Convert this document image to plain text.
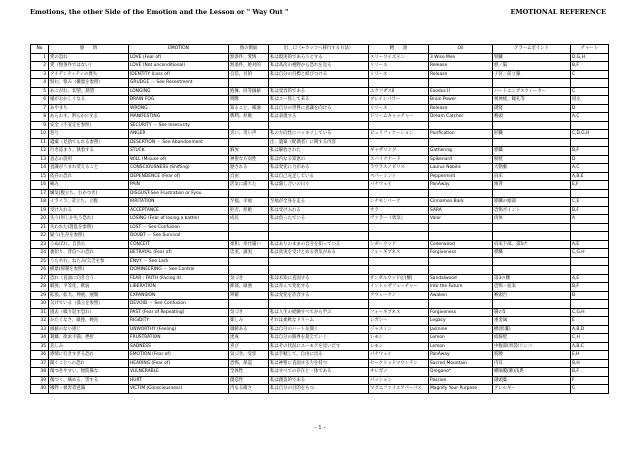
Emotions, the other Side of the Emotion and the Lesson or " Way Out "	EMOTIONAL REFERENCE
No	感　　情	EMOTION	他の側面	出　口（←カッコへ移行する方法）	精　　油	Oil	アラームポイント	チャート
1	愛の恐れ	LOVE (Fear of)	無条件、愛情	私は現実的であろうとする	スリーワイズメン	3 Wise Men	腎臓	D,G,H
2	愛（無条件ではない）	LOVE (Not unconditional)	無条件、絶対的	私は高次の視野から恐れを見る	リリース	Release	胆／脳	B,F
3	アイデンティティの喪失	IDENTITY (Loss of)	自信、目的	私は自分の目標と結びつける	リリース	Release	子宮／前立腺	C
4	恨む、恨み（嫌悪を参照）	GRUDGE － See Resentment						
5	あこがれ、切望、熱望	LONGING	抱擁、同等価値	私は受容的である	エクソダスⅡ	Exodus II	ハートエンブスクィーター	C
6	頭がおかしくなる	BRAIN FOG	明瞭	私はユー焦して来る	ブレインパワー	Brain Power	視神経、瞳孔等	同左
7	あやまち	WRONG	知ること、確通	私は自分の世界に意識を向ける	リリース	Release	副腎	D
8	あらわす、明らかにする	MANIFESTING	勝利、拒絶	私は表現する	ドリームキャッチャー	Dream Catcher	喉頭	A,C
9	安全（不安定を参照）	SECURITY － See Insecurity						
10	怒り	ANGER	笑い、笑い声	私の方向性にハッキリしている	ピュリフィケーション	Purification	肝臓	C,D,G,H
11	遺棄（見捨てられる参照）	DESERTION － See Abandonment		注：遺棄（配偶者）に関する内容				
12	行き詰まり、執着する	STUCK	解放	私は解放された	ギャザリング	Gathering	膵臓	B,F
13	意志の誤用	WILL (Misuse of)	神聖な方向性	私は内なる知恵の	スパイクナード	Spikenard	膀胱	D
14	意識がうまれ変えること	CONSCIOUSNESS (Shifting)	歴される	私は変化に力がある	ラウラスノビリス	Laurus Nobilis	大動脈	A,C
15	依存の恐れ	DEPENDENCE (Fear of)	自由	私は自己充足している	ペパーミント	Peppermint	肩床	A,B,E
16	痛み	PAIN	活気に満ちた	私は満し合いの日々	パナウェイ	PanAway	後背	E,F
17	嫌気(腹立ち、むかつき)	DISGUST-See Frustration or Fyou						
18	イライラ、苛立ち、立腹	IRRITATION	至福、幸福	至福が全身を走る	シナモンバーク	Cinnamon Bark	膵臓の頭部	C,E
19	受け入れる	ACCEPTANCE	拒否、拒絶	私は受け入れる	サラ	SARA	恐怖ポイント	B,F
20	失う(何しか失う恐れ)	LOSING (Fear of losing a battle)	成長	私は負ったでいる	ヴァラー（勇気）	Valor	肉体	A
21	失われた(混乱を参照)	LOST － See Confusion						
22	疑う(生存を参照)	DOUBT － See Survival						
23	うぬぼれ、自負心	CONCEIT	柔和、奉仕陽い	私はありのままの自分を知っている	シダーウッド	Cederwood	肩床下部、第5チ	A,E
24	裏切り、背信への恐れ	BETRAYAL (Fear of)	忠実、誠実	私は真実を受けとめる勇気がある	フォーギブネス	Forgiveness	膵臓	C,G,H
25	うらやむ、ねたみ(欠乏を参	ENVY － See Lack						
26	横暴(抑制を参照)	DOMINEERING － See Control						
27	恐れ（直面に向き合う	FEAR : FAITH (Facing it)	気づき	私は未知に直面する	サンダルウッド(白檀)	Sandalwood	第3の腰	A,E
28	解放、平等化、軟弱	LIBERATION	卸部、頑強	私は喜んで変化する	イントゥザフューチャー	Into the Future	恐怖・従来	B,F
29	拡張、拡大、伸展、展開	EXPANSION	明確	私は変化を許容する	アウェークン	Awaken	喉頭台	B
30	欠けている（孤立を参照）	DEVOID － See Confusion						
31	過去（繰り返す恐れ）	PAST (Fear of Repeating)	気づき	私は人生の経験すべてから学ぶ	フォーギブネス	Forgiveness	腸の5	C,G,H
32	かたくなさ、頑強、硬直	RIGIDITY	楽しみ	それは柔軟なドリーム	レガシー	Legacy	重金属	E
33	価値のない感じ	UNWORTHY (Feeling)	価値ある	私は自分のハートを開く	ジャスミン	Jasmine	横(胆嚢)	A,B,D
34	葛藤、欲求不満、挫折	FRUSTRATION	達成	私は自分の限界を超えていく	レモン	Lemon	結腸壁	C,H
35	悲しみ	SADNESS	喜び	私はその状況にユーモアを見いだす	レモン	Lemon	中腹部(胃袋/リンパ	A,B,C
36	感情に行きすぎる恐れ	EMOTION (Fear of)	気づき、受容	私は手順して、自由に出る	パナウェイ	PanAway	筋腰	E,H
37	聞くことへの恐れ	HEARING (Fear of)	恐怖、保認	私は神聖に直面する力を持つ	セークリッドマウンテン	Sacred Mountain	内耳	B,H
38	傷つきやすい、無防備な	VULNERABLE	全体性	私はすべての存在と一体である	オレガノ	Oregano*	横隔膜(肺)浅系	B,F
39	傷つく、痛める、害する	HURT	創造性	私は創造的である	パッション	Passion	副頭葉	F
40	犠牲・被害者意識	VICTIM (Consciousness)	内なる確さ	私は自分の目的をもつ	マグニファイユアパーパス	Magnify Your Purpose	アレルギー	C
- 1 -
